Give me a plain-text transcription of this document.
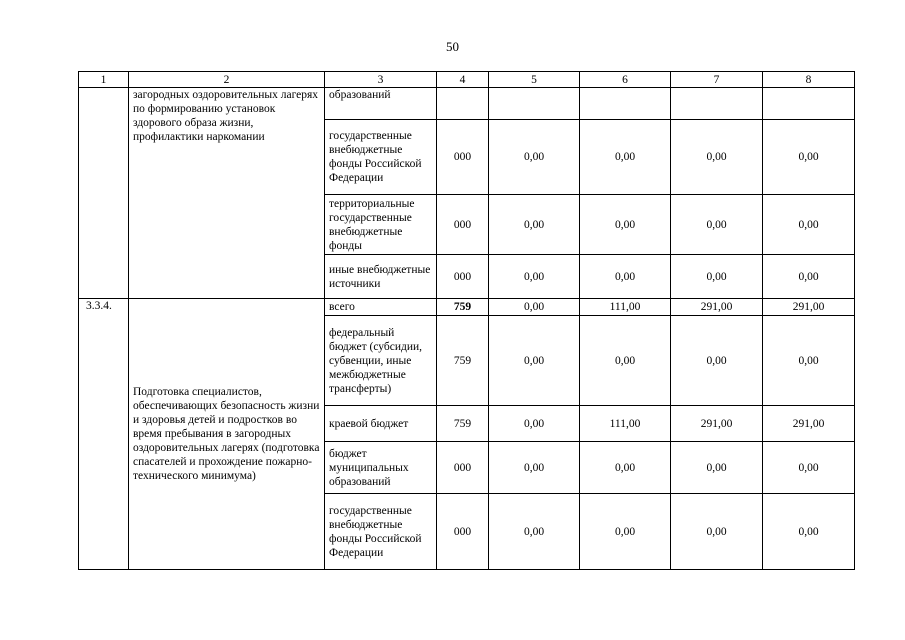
50
1	2	3	4	5	6	7	8
	загородных оздоровительных лагерях по формированию установок здорового образа жизни, профилактики наркомании	образований					
		государственные внебюджетные фонды Российской Федерации	000	0,00	0,00	0,00	0,00
		территориальные государственные внебюджетные фонды	000	0,00	0,00	0,00	0,00
		иные внебюджетные источники	000	0,00	0,00	0,00	0,00
3.3.4.	Подготовка специалистов, обеспечивающих безопасность жизни и здоровья детей и подростков во время пребывания в загородных оздоровительных лагерях (подготовка спасателей и прохождение пожарно-технического минимума)	всего	759	0,00	111,00	291,00	291,00
		федеральный бюджет (субсидии, субвенции, иные межбюджетные трансферты)	759	0,00	0,00	0,00	0,00
		краевой бюджет	759	0,00	111,00	291,00	291,00
		бюджет муниципальных образований	000	0,00	0,00	0,00	0,00
		государственные внебюджетные фонды Российской Федерации	000	0,00	0,00	0,00	0,00
